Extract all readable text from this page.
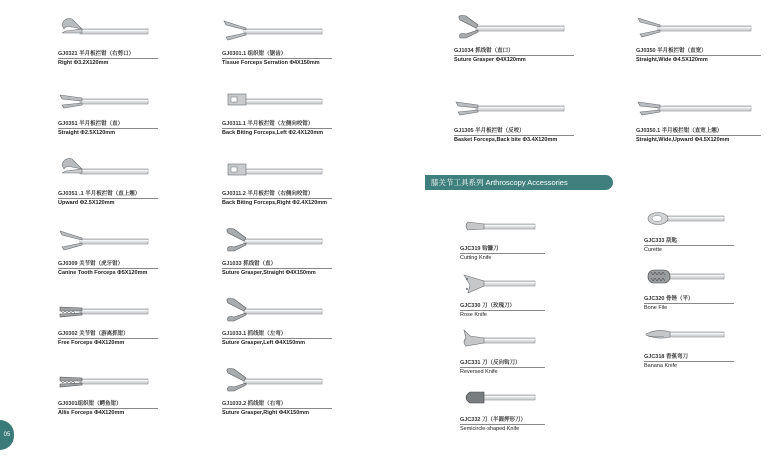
GJ0321 半月板拦钳（右剪口）
Right Φ3.2X120mm
GJ0351 半月板拦钳（直）
Straight Φ2.5X120mm
GJ0351 .1 半月板拦钳（直上翘）
Upward Φ2.5X120mm
GJ0309 关节钳（虎牙钳）
Canine Tooth Forceps Φ5X120mm
GJ0302 关节钳（游离抓钳）
Free Forceps Φ4X120mm
GJ0301组织钳（鳄鱼钳）
Allis Forceps Φ4X120mm
GJ0301.1 组织钳（锯齿）
Tissue Forceps Serration Φ4X150mm
GJ0311.1 半月板拦钳（左侧向咬钳）
Back Biting Forceps,Left Φ2.4X120mm
GJ0311.2 半月板拦钳（右侧向咬钳）
Back Biting Forceps,Right Φ2.4X120mm
GJ1033 抓线钳（直）
Suture Grasper,Straight Φ4X150mm
GJ1033.1 抓线钳（左弯）
Suture Grasper,Left Φ4X150mm
GJ1033.2 抓线钳（右弯）
Suture Grasper,Right Φ4X150mm
GJ1034 抓线钳（直口）
Suture Grasper Φ4X120mm
GJ1305 半月板拦钳（反咬）
Basket Forceps,Back bite Φ3.4X120mm
GJ0350 半月板拦钳（直宽）
Straight,Wide Φ4.5X120mm
GJ0350.1 半月板拦钳（直宽上翘）
Straight,Wide,Upward Φ4.5X120mm
膝关节工具系列 Arthroscopy Accessories
GJC319 钩镰刀
Cutting Knife
GJC330 刀（玫瑰刀）
Rose Knife
GJC331 刀（反向钩刀）
Reversed Knife
GJC332 刀（半圆押形刀）
Semicircle-shaped Knife
GJC333 刮匙
Curette
GJC320 骨锉（平）
Bone File
GJC318 香蕉弯刀
Banana Knife
05
